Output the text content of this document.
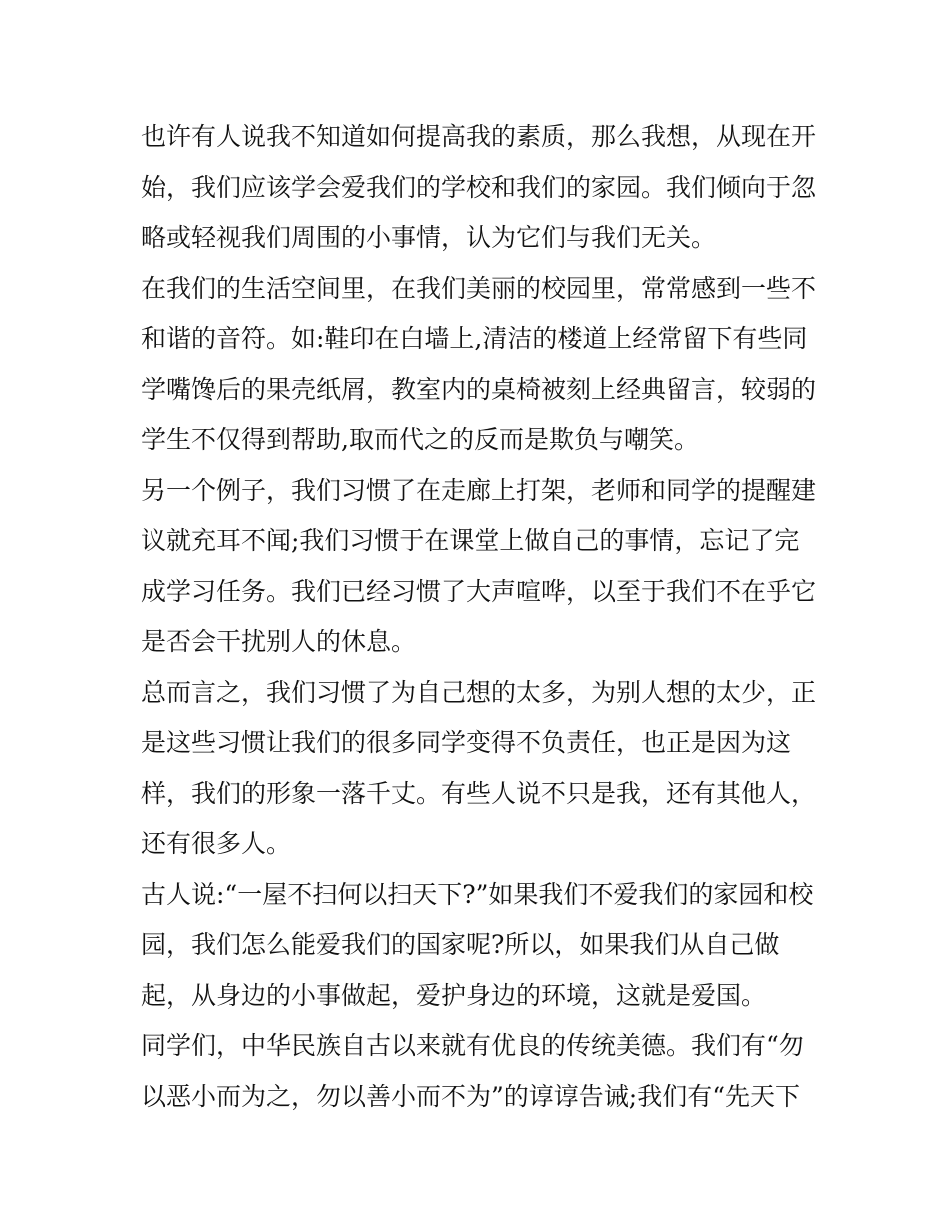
也许有人说我不知道如何提高我的素质，那么我想，从现在开
始，我们应该学会爱我们的学校和我们的家园。我们倾向于忽
略或轻视我们周围的小事情，认为它们与我们无关。
在我们的生活空间里，在我们美丽的校园里，常常感到一些不
和谐的音符。如:鞋印在白墙上,清洁的楼道上经常留下有些同
学嘴馋后的果壳纸屑，教室内的桌椅被刻上经典留言，较弱的
学生不仅得到帮助,取而代之的反而是欺负与嘲笑。
另一个例子，我们习惯了在走廊上打架，老师和同学的提醒建
议就充耳不闻;我们习惯于在课堂上做自己的事情，忘记了完
成学习任务。我们已经习惯了大声喧哗，以至于我们不在乎它
是否会干扰别人的休息。
总而言之，我们习惯了为自己想的太多，为别人想的太少，正
是这些习惯让我们的很多同学变得不负责任，也正是因为这
样，我们的形象一落千丈。有些人说不只是我，还有其他人，
还有很多人。
古人说:“一屋不扫何以扫天下?”如果我们不爱我们的家园和校
园，我们怎么能爱我们的国家呢?所以，如果我们从自己做
起，从身边的小事做起，爱护身边的环境，这就是爱国。
同学们，中华民族自古以来就有优良的传统美德。我们有“勿
以恶小而为之，勿以善小而不为”的谆谆告诫;我们有“先天下
